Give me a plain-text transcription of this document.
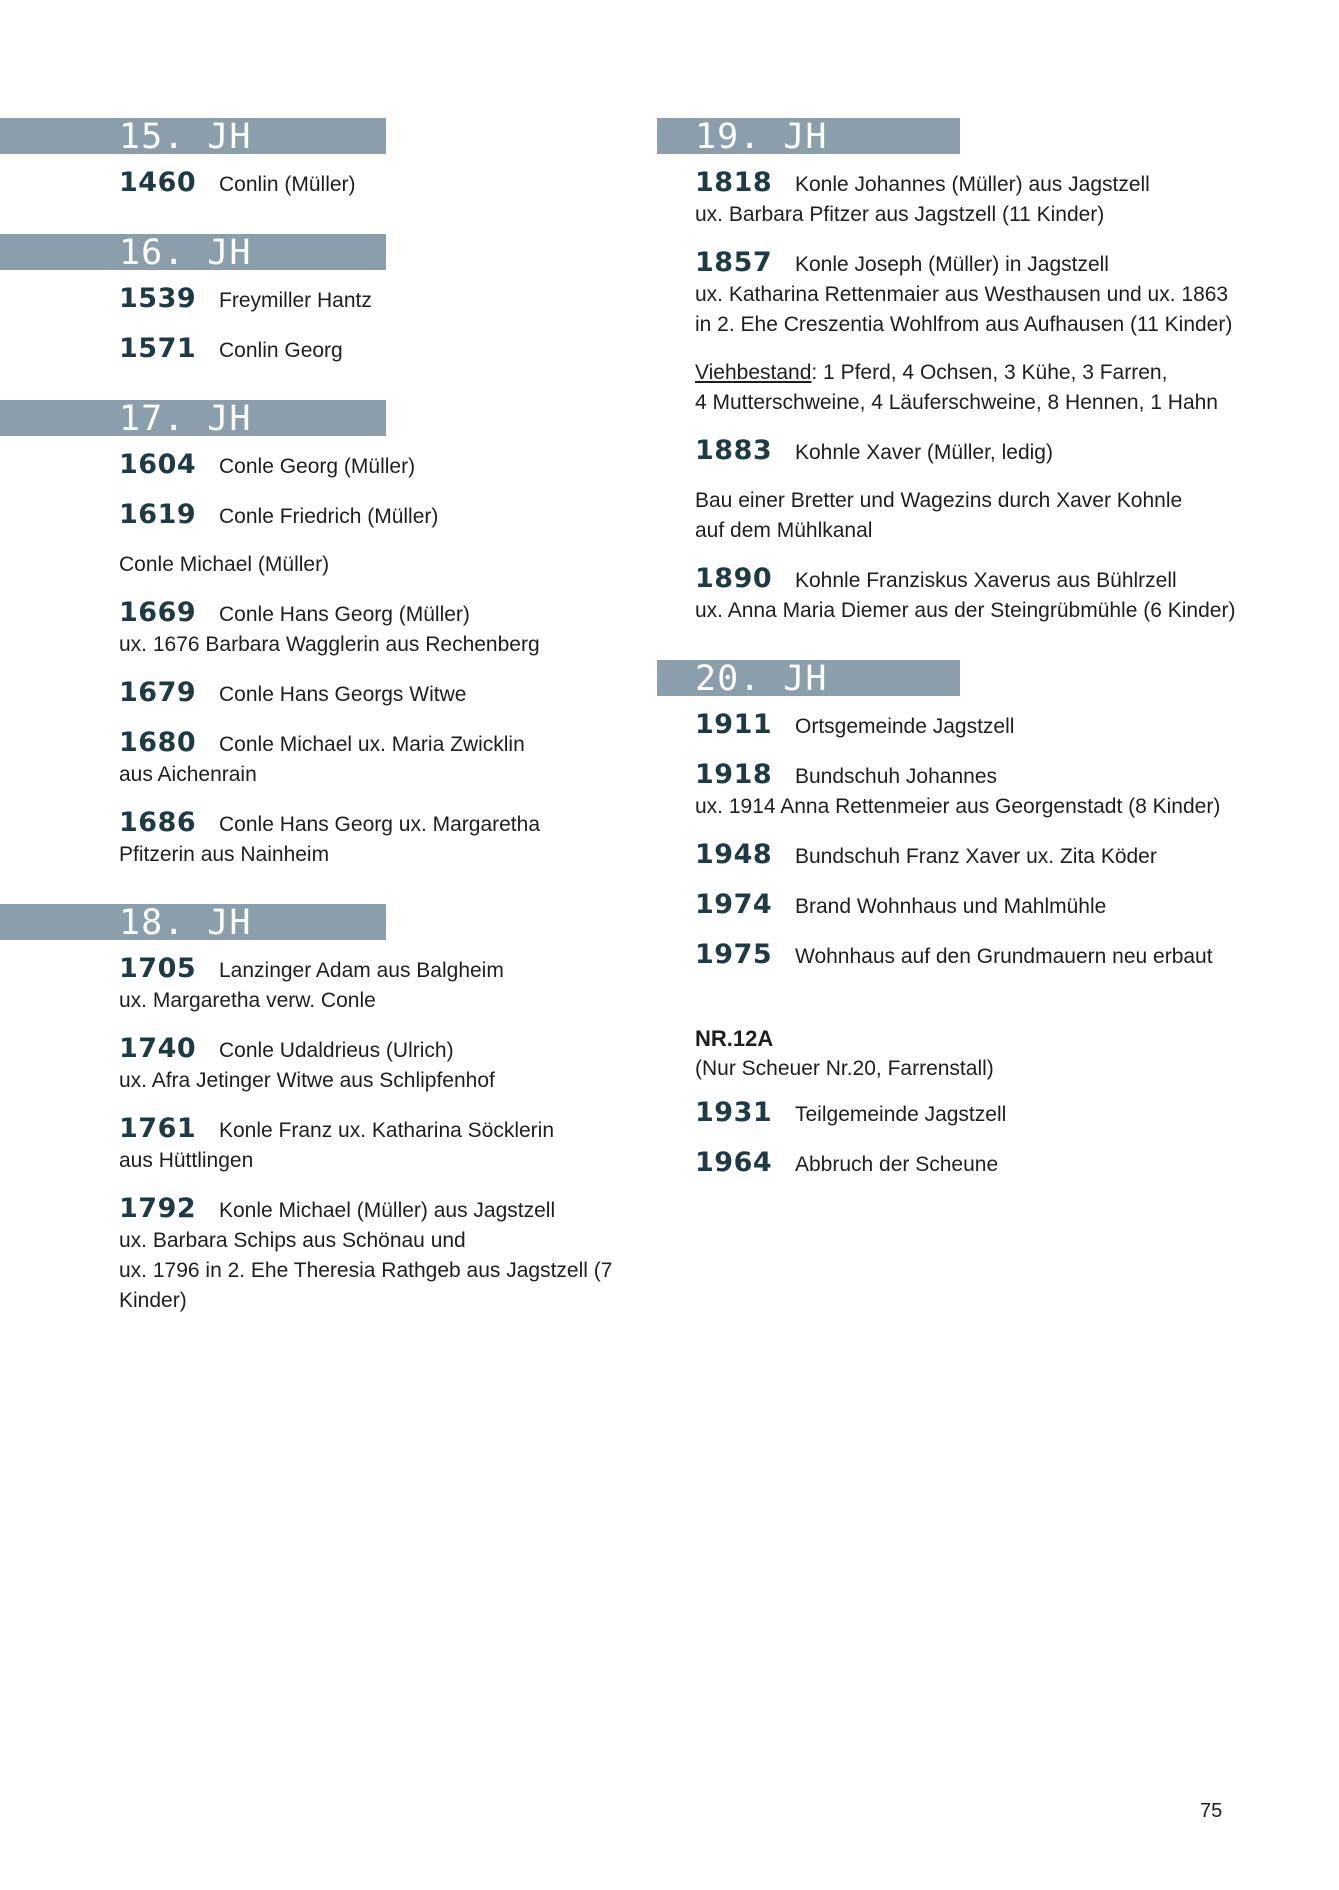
15. JH
1460 Conlin (Müller)
16. JH
1539 Freymiller Hantz
1571 Conlin Georg
17. JH
1604 Conle Georg (Müller)
1619 Conle Friedrich (Müller)
Conle Michael (Müller)
1669 Conle Hans Georg (Müller)
ux. 1676 Barbara Wagglerin aus Rechenberg
1679 Conle Hans Georgs Witwe
1680 Conle Michael ux. Maria Zwicklin
aus Aichenrain
1686 Conle Hans Georg ux. Margaretha
Pfitzerin aus Nainheim
18. JH
1705 Lanzinger Adam aus Balgheim
ux. Margaretha verw. Conle
1740 Conle Udaldrieus (Ulrich)
ux. Afra Jetinger Witwe aus Schlipfenhof
1761 Konle Franz ux. Katharina Söcklerin
aus Hüttlingen
1792 Konle Michael (Müller) aus Jagstzell
ux. Barbara Schips aus Schönau und
ux. 1796 in 2. Ehe Theresia Rathgeb aus Jagstzell (7 Kinder)
19. JH
1818 Konle Johannes (Müller) aus Jagstzell
ux. Barbara Pfitzer aus Jagstzell (11 Kinder)
1857 Konle Joseph (Müller) in Jagstzell
ux. Katharina Rettenmaier aus Westhausen und ux. 1863
in 2. Ehe Creszentia Wohlfrom aus Aufhausen (11 Kinder)
Viehbestand: 1 Pferd, 4 Ochsen, 3 Kühe, 3 Farren,
4 Mutterschweine, 4 Läuferschweine, 8 Hennen, 1 Hahn
1883 Kohnle Xaver (Müller, ledig)
Bau einer Bretter und Wagezins durch Xaver Kohnle
auf dem Mühlkanal
1890 Kohnle Franziskus Xaverus aus Bühlrzell
ux. Anna Maria Diemer aus der Steingrübmühle (6 Kinder)
20. JH
1911 Ortsgemeinde Jagstzell
1918 Bundschuh Johannes
ux. 1914 Anna Rettenmeier aus Georgenstadt (8 Kinder)
1948 Bundschuh Franz Xaver ux. Zita Köder
1974 Brand Wohnhaus und Mahlmühle
1975 Wohnhaus auf den Grundmauern neu erbaut
NR.12A
(Nur Scheuer Nr.20, Farrenstall)
1931 Teilgemeinde Jagstzell
1964 Abbruch der Scheune
75
